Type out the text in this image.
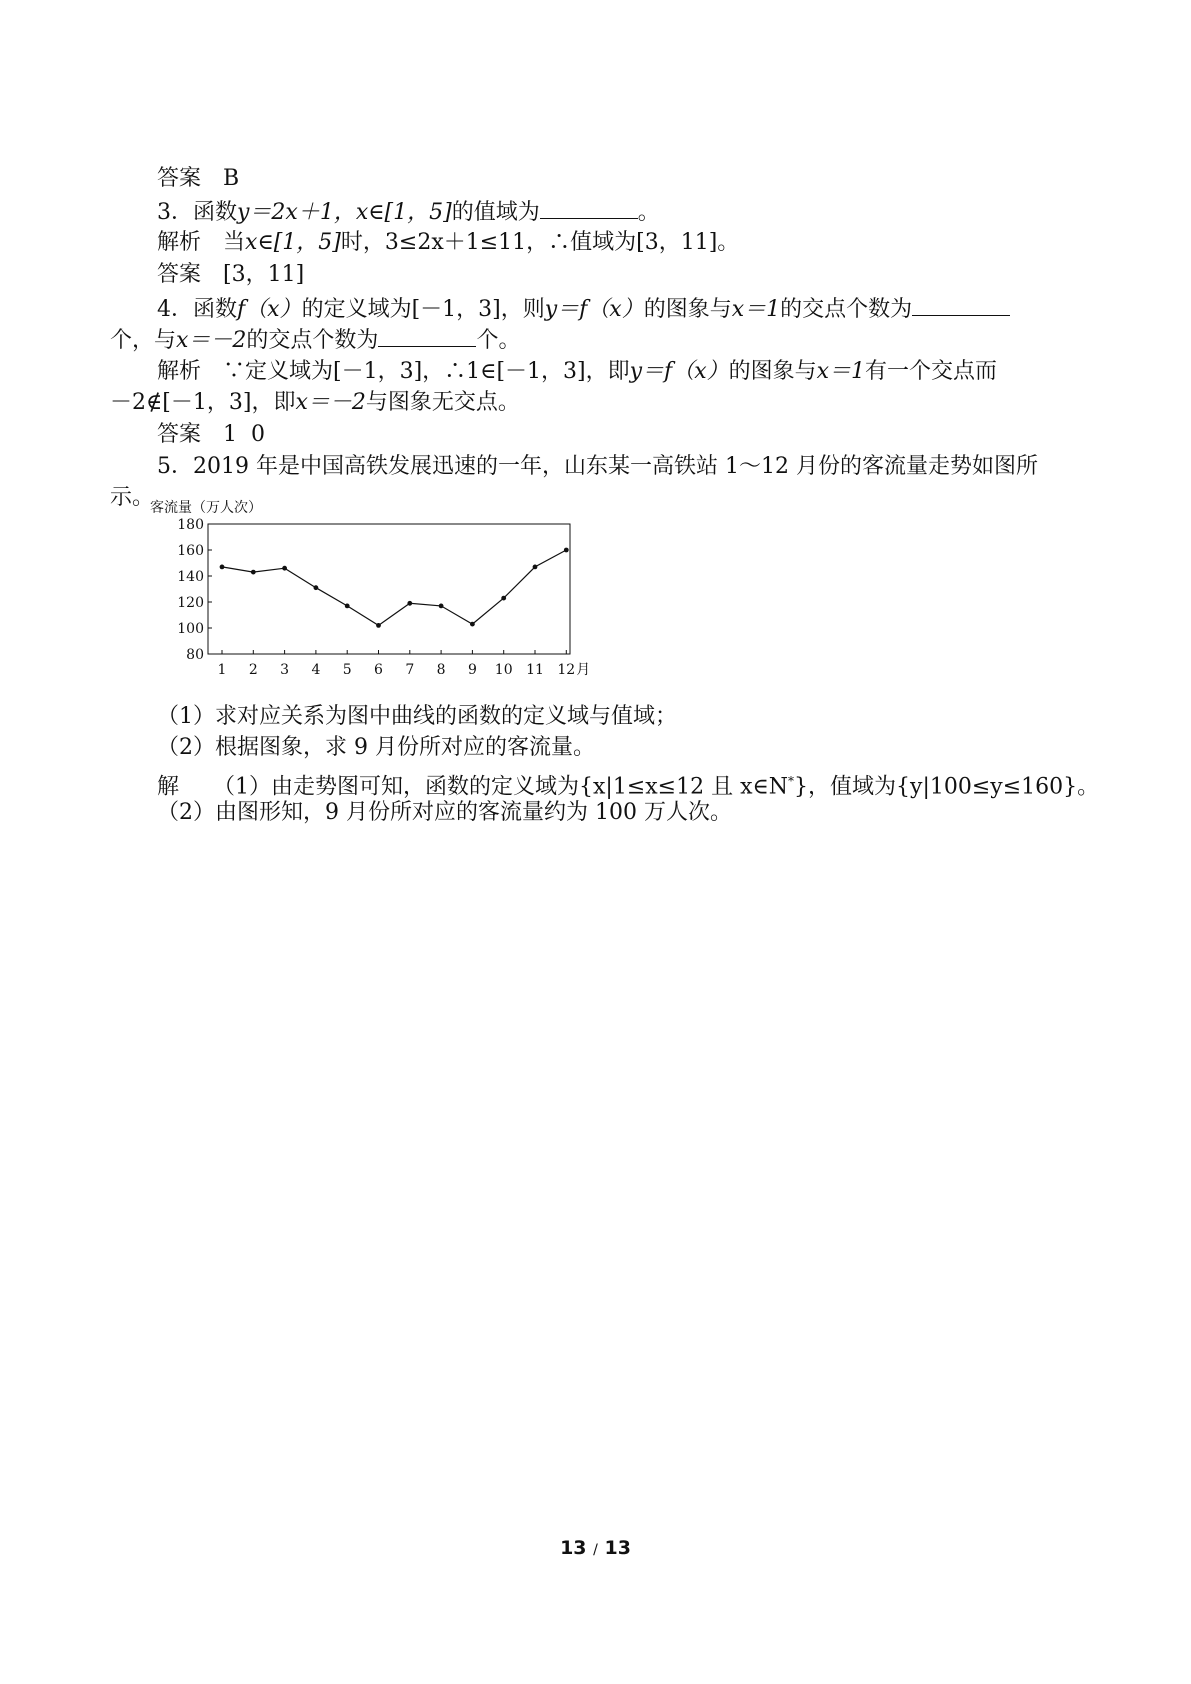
答案 B
3．函数y＝2x＋1，x∈[1，5]的值域为	。
解析 当x∈[1，5]时，3≤2x＋1≤11，∴值域为[3，11]。
答案 [3，11]
4．函数f（x）的定义域为[－1，3]，则y＝f（x）的图象与x＝1的交点个数为
个，与x＝－2的交点个数为	个。
解析 ∵定义域为[－1，3]，∴1∈[－1，3]，即y＝f（x）的图象与x＝1有一个交点而
－2∉[－1，3]，即x＝－2与图象无交点。
答案 1  0
5．2019 年是中国高铁发展迅速的一年，山东某一高铁站 1～12 月份的客流量走势如图所
示。
客流量（万人次）
180
160
140
120
100
80
1 2 3 4 5 6 7 8 9 10 11 12 月
（1）求对应关系为图中曲线的函数的定义域与值域；
（2）根据图象，求 9 月份所对应的客流量。
解 （1）由走势图可知，函数的定义域为{x|1≤x≤12 且 x∈N*}，值域为{y|100≤y≤160}。
（2）由图形知，9 月份所对应的客流量约为 100 万人次。
13 / 13
